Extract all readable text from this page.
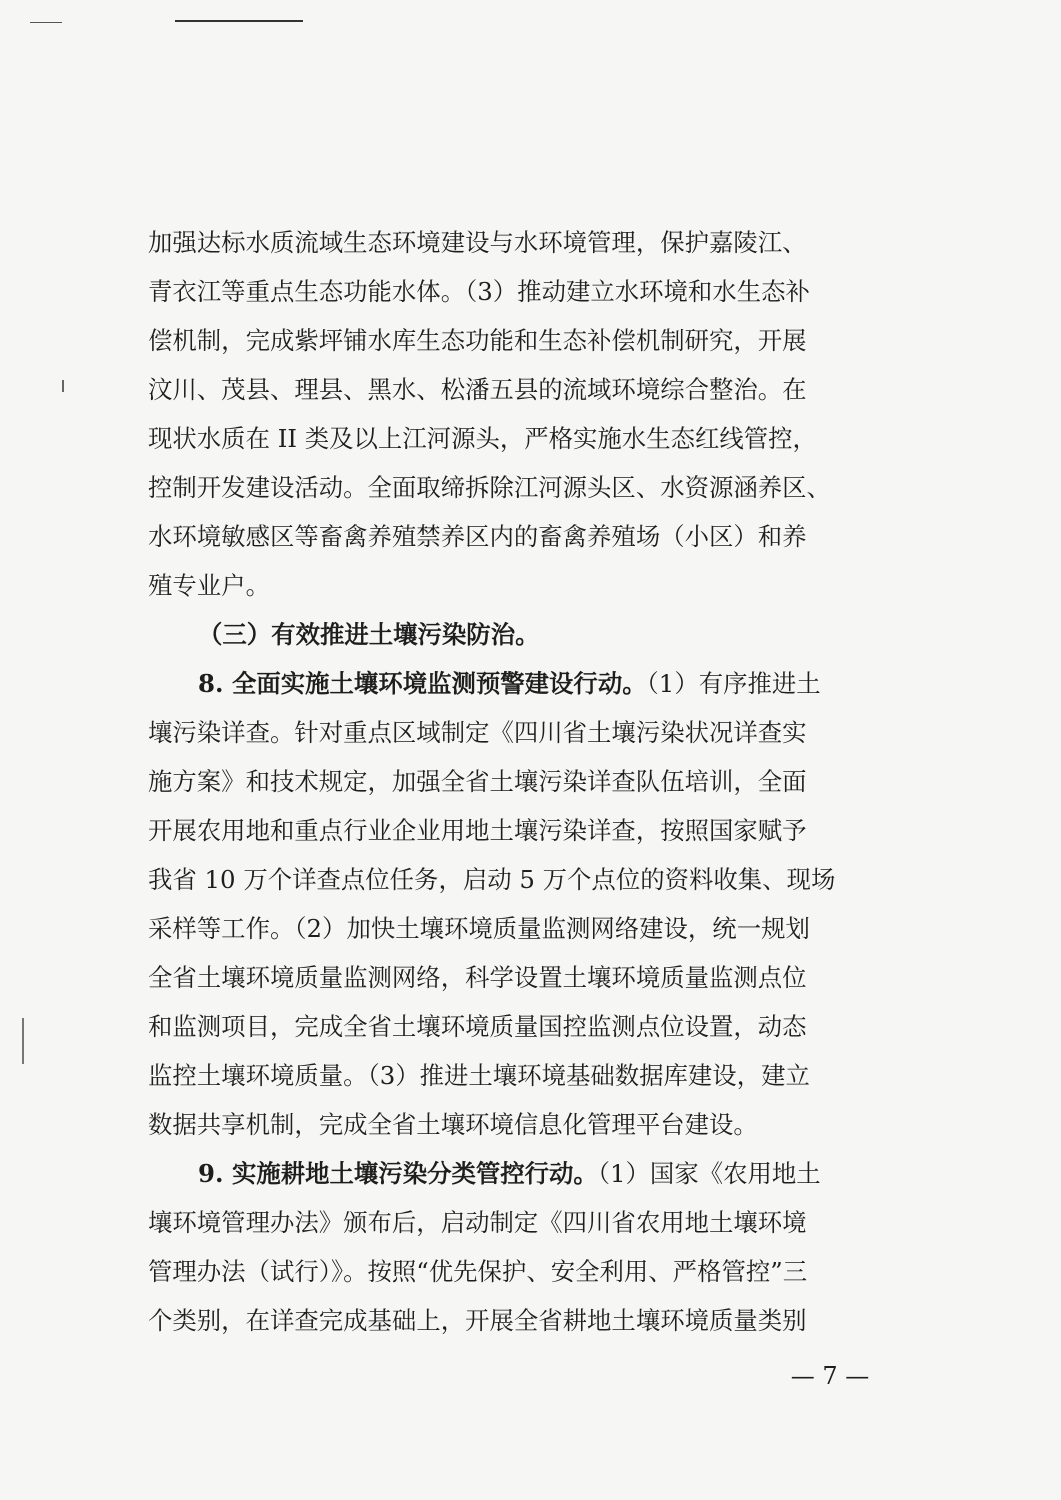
加强达标水质流域生态环境建设与水环境管理，保护嘉陵江、
青衣江等重点生态功能水体。（3）推动建立水环境和水生态补
偿机制，完成紫坪铺水库生态功能和生态补偿机制研究，开展
汶川、茂县、理县、黑水、松潘五县的流域环境综合整治。在
现状水质在 II 类及以上江河源头，严格实施水生态红线管控，
控制开发建设活动。全面取缔拆除江河源头区、水资源涵养区、
水环境敏感区等畜禽养殖禁养区内的畜禽养殖场（小区）和养
殖专业户。
（三）有效推进土壤污染防治。
8. 全面实施土壤环境监测预警建设行动。（1）有序推进土
壤污染详查。针对重点区域制定《四川省土壤污染状况详查实
施方案》和技术规定，加强全省土壤污染详查队伍培训，全面
开展农用地和重点行业企业用地土壤污染详查，按照国家赋予
我省 10 万个详查点位任务，启动 5 万个点位的资料收集、现场
采样等工作。（2）加快土壤环境质量监测网络建设，统一规划
全省土壤环境质量监测网络，科学设置土壤环境质量监测点位
和监测项目，完成全省土壤环境质量国控监测点位设置，动态
监控土壤环境质量。（3）推进土壤环境基础数据库建设，建立
数据共享机制，完成全省土壤环境信息化管理平台建设。
9. 实施耕地土壤污染分类管控行动。（1）国家《农用地土
壤环境管理办法》颁布后，启动制定《四川省农用地土壤环境
管理办法（试行）》。按照“优先保护、安全利用、严格管控”三
个类别，在详查完成基础上，开展全省耕地土壤环境质量类别
— 7 —
